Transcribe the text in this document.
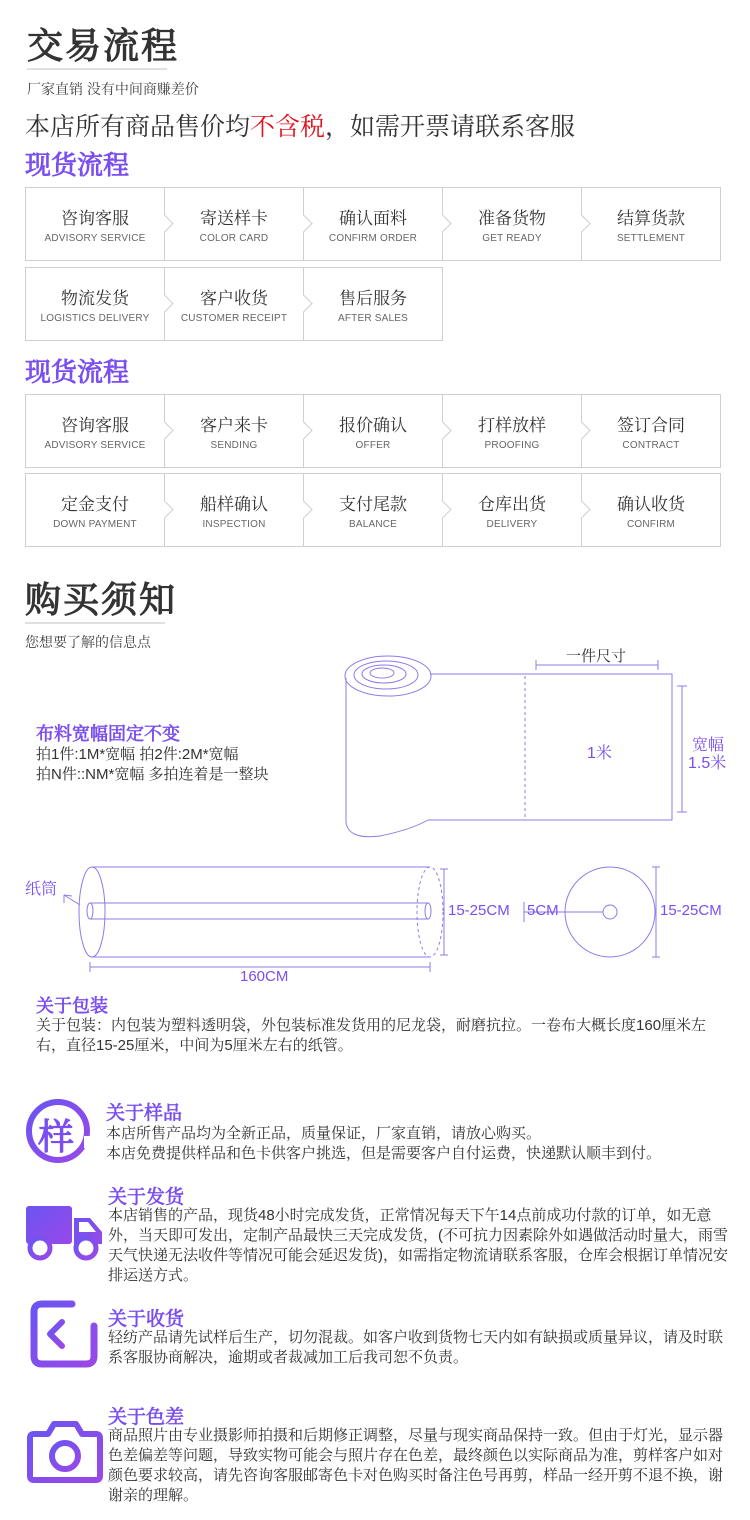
交易流程
厂家直销 没有中间商赚差价
本店所有商品售价均不含税，如需开票请联系客服
现货流程
咨询客服
ADVISORY SERVICE
寄送样卡
COLOR CARD
确认面料
CONFIRM ORDER
准备货物
GET READY
结算货款
SETTLEMENT
物流发货
LOGISTICS DELIVERY
客户收货
CUSTOMER RECEIPT
售后服务
AFTER SALES
现货流程
咨询客服
ADVISORY SERVICE
客户来卡
SENDING
报价确认
OFFER
打样放样
PROOFING
签订合同
CONTRACT
定金支付
DOWN PAYMENT
船样确认
INSPECTION
支付尾款
BALANCE
仓库出货
DELIVERY
确认收货
CONFIRM
购买须知
您想要了解的信息点
布料宽幅固定不变
拍1件:1M*宽幅 拍2件:2M*宽幅
拍N件::NM*宽幅 多拍连着是一整块
一件尺寸
1米	宽幅
1.5米
纸筒
15-25CM
160CM
5CM	15-25CM
关于包装
关于包装：内包装为塑料透明袋，外包装标准发货用的尼龙袋，耐磨抗拉。一卷布大概长度160厘米左右，直径15-25厘米，中间为5厘米左右的纸管。
样
关于样品
本店所售产品均为全新正品，质量保证，厂家直销，请放心购买。
本店免费提供样品和色卡供客户挑选，但是需要客户自付运费，快递默认顺丰到付。
关于发货
本店销售的产品，现货48小时完成发货，正常情况每天下午14点前成功付款的订单，如无意外，当天即可发出，定制产品最快三天完成发货，(不可抗力因素除外如遇做活动时量大，雨雪天气快递无法收件等情况可能会延迟发货)，如需指定物流请联系客服，仓库会根据订单情况安排运送方式。
关于收货
轻纺产品请先试样后生产，切勿混裁。如客户收到货物七天内如有缺损或质量异议，请及时联系客服协商解决，逾期或者裁减加工后我司恕不负责。
关于色差
商品照片由专业摄影师拍摄和后期修正调整，尽量与现实商品保持一致。但由于灯光，显示器色差偏差等问题，导致实物可能会与照片存在色差，最终颜色以实际商品为准，剪样客户如对颜色要求较高，请先咨询客服邮寄色卡对色购买时备注色号再剪，样品一经开剪不退不换，谢谢亲的理解。
